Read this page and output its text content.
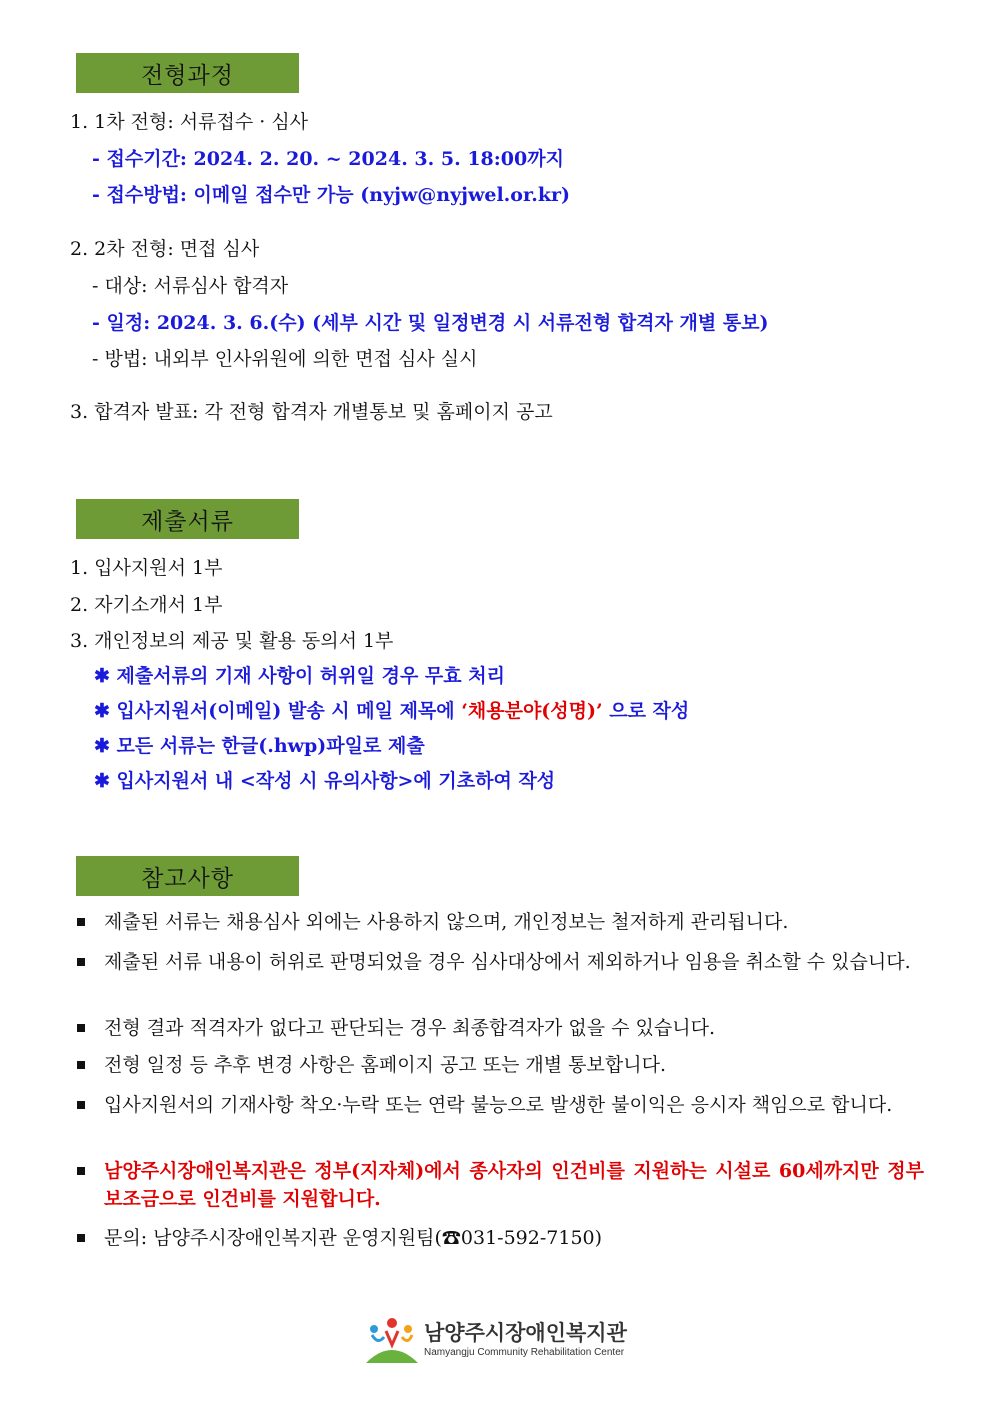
전형과정
1. 1차 전형: 서류접수 · 심사
- 접수기간: 2024. 2. 20. ~ 2024. 3. 5. 18:00까지
- 접수방법: 이메일 접수만 가능 (nyjw@nyjwel.or.kr)
2. 2차 전형: 면접 심사
- 대상: 서류심사 합격자
- 일정: 2024. 3. 6.(수) (세부 시간 및 일정변경 시 서류전형 합격자 개별 통보)
- 방법: 내외부 인사위원에 의한 면접 심사 실시
3. 합격자 발표: 각 전형 합격자 개별통보 및 홈페이지 공고
제출서류
1. 입사지원서 1부
2. 자기소개서 1부
3. 개인정보의 제공 및 활용 동의서 1부
✱ 제출서류의 기재 사항이 허위일 경우 무효 처리
✱ 입사지원서(이메일) 발송 시 메일 제목에 ‘채용분야(성명)’ 으로 작성
✱ 모든 서류는 한글(.hwp)파일로 제출
✱ 입사지원서 내 <작성 시 유의사항>에 기초하여 작성
참고사항
제출된 서류는 채용심사 외에는 사용하지 않으며, 개인정보는 철저하게 관리됩니다.
제출된 서류 내용이 허위로 판명되었을 경우 심사대상에서 제외하거나 임용을 취소할 수 있습니다.
전형 결과 적격자가 없다고 판단되는 경우 최종합격자가 없을 수 있습니다.
전형 일정 등 추후 변경 사항은 홈페이지 공고 또는 개별 통보합니다.
입사지원서의 기재사항 착오·누락 또는 연락 불능으로 발생한 불이익은 응시자 책임으로 합니다.
남양주시장애인복지관은 정부(지자체)에서 종사자의 인건비를 지원하는 시설로 60세까지만 정부 보조금으로 인건비를 지원합니다.
문의: 남양주시장애인복지관 운영지원팀(☎031-592-7150)
남양주시장애인복지관
Namyangju Community Rehabilitation Center
